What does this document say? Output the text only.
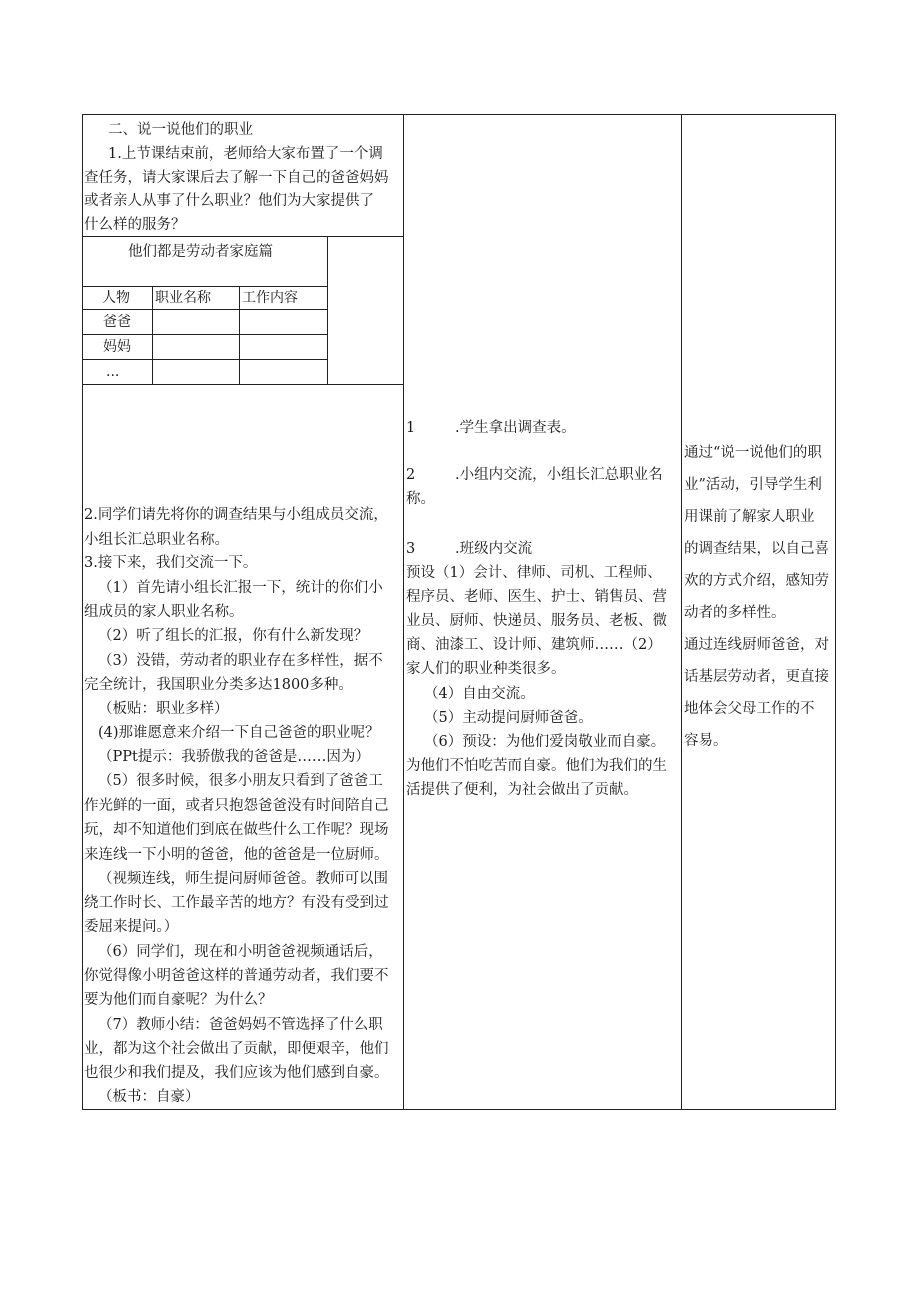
二、说一说他们的职业
1.上节课结束前，老师给大家布置了一个调
查任务，请大家课后去了解一下自己的爸爸妈妈
或者亲人从事了什么职业？他们为大家提供了
什么样的服务？
他们都是劳动者家庭篇
人物 职业名称 工作内容
爸爸
妈妈
...
2.同学们请先将你的调查结果与小组成员交流，
小组长汇总职业名称。
3.接下来，我们交流一下。
（1）首先请小组长汇报一下，统计的你们小
组成员的家人职业名称。
（2）听了组长的汇报，你有什么新发现？
（3）没错，劳动者的职业存在多样性，据不
完全统计，我国职业分类多达1800多种。
（板贴：职业多样）
(4)那谁愿意来介绍一下自己爸爸的职业呢？
（PPt提示：我骄傲我的爸爸是……因为）
（5）很多时候，很多小朋友只看到了爸爸工
作光鲜的一面，或者只抱怨爸爸没有时间陪自己
玩，却不知道他们到底在做些什么工作呢？现场
来连线一下小明的爸爸，他的爸爸是一位厨师。
（视频连线，师生提问厨师爸爸。教师可以围
绕工作时长、工作最辛苦的地方？有没有受到过
委屈来提问。）
（6）同学们，现在和小明爸爸视频通话后，
你觉得像小明爸爸这样的普通劳动者，我们要不
要为他们而自豪呢？为什么？
（7）教师小结：爸爸妈妈不管选择了什么职
业，都为这个社会做出了贡献，即便艰辛，他们
也很少和我们提及，我们应该为他们感到自豪。
（板书：自豪）
1	.学生拿出调查表。
2	.小组内交流，小组长汇总职业名
称。
3	.班级内交流
预设（1）会计、律师、司机、工程师、
程序员、老师、医生、护士、销售员、营
业员、厨师、快递员、服务员、老板、微
商、油漆工、设计师、建筑师……（2）
家人们的职业种类很多。
（4）自由交流。
（5）主动提问厨师爸爸。
（6）预设：为他们爱岗敬业而自豪。
为他们不怕吃苦而自豪。他们为我们的生
活提供了便利，为社会做出了贡献。
通过“说一说他们的职
业”活动，引导学生利
用课前了解家人职业
的调查结果，以自己喜
欢的方式介绍，感知劳
动者的多样性。
通过连线厨师爸爸，对
话基层劳动者，更直接
地体会父母工作的不
容易。
